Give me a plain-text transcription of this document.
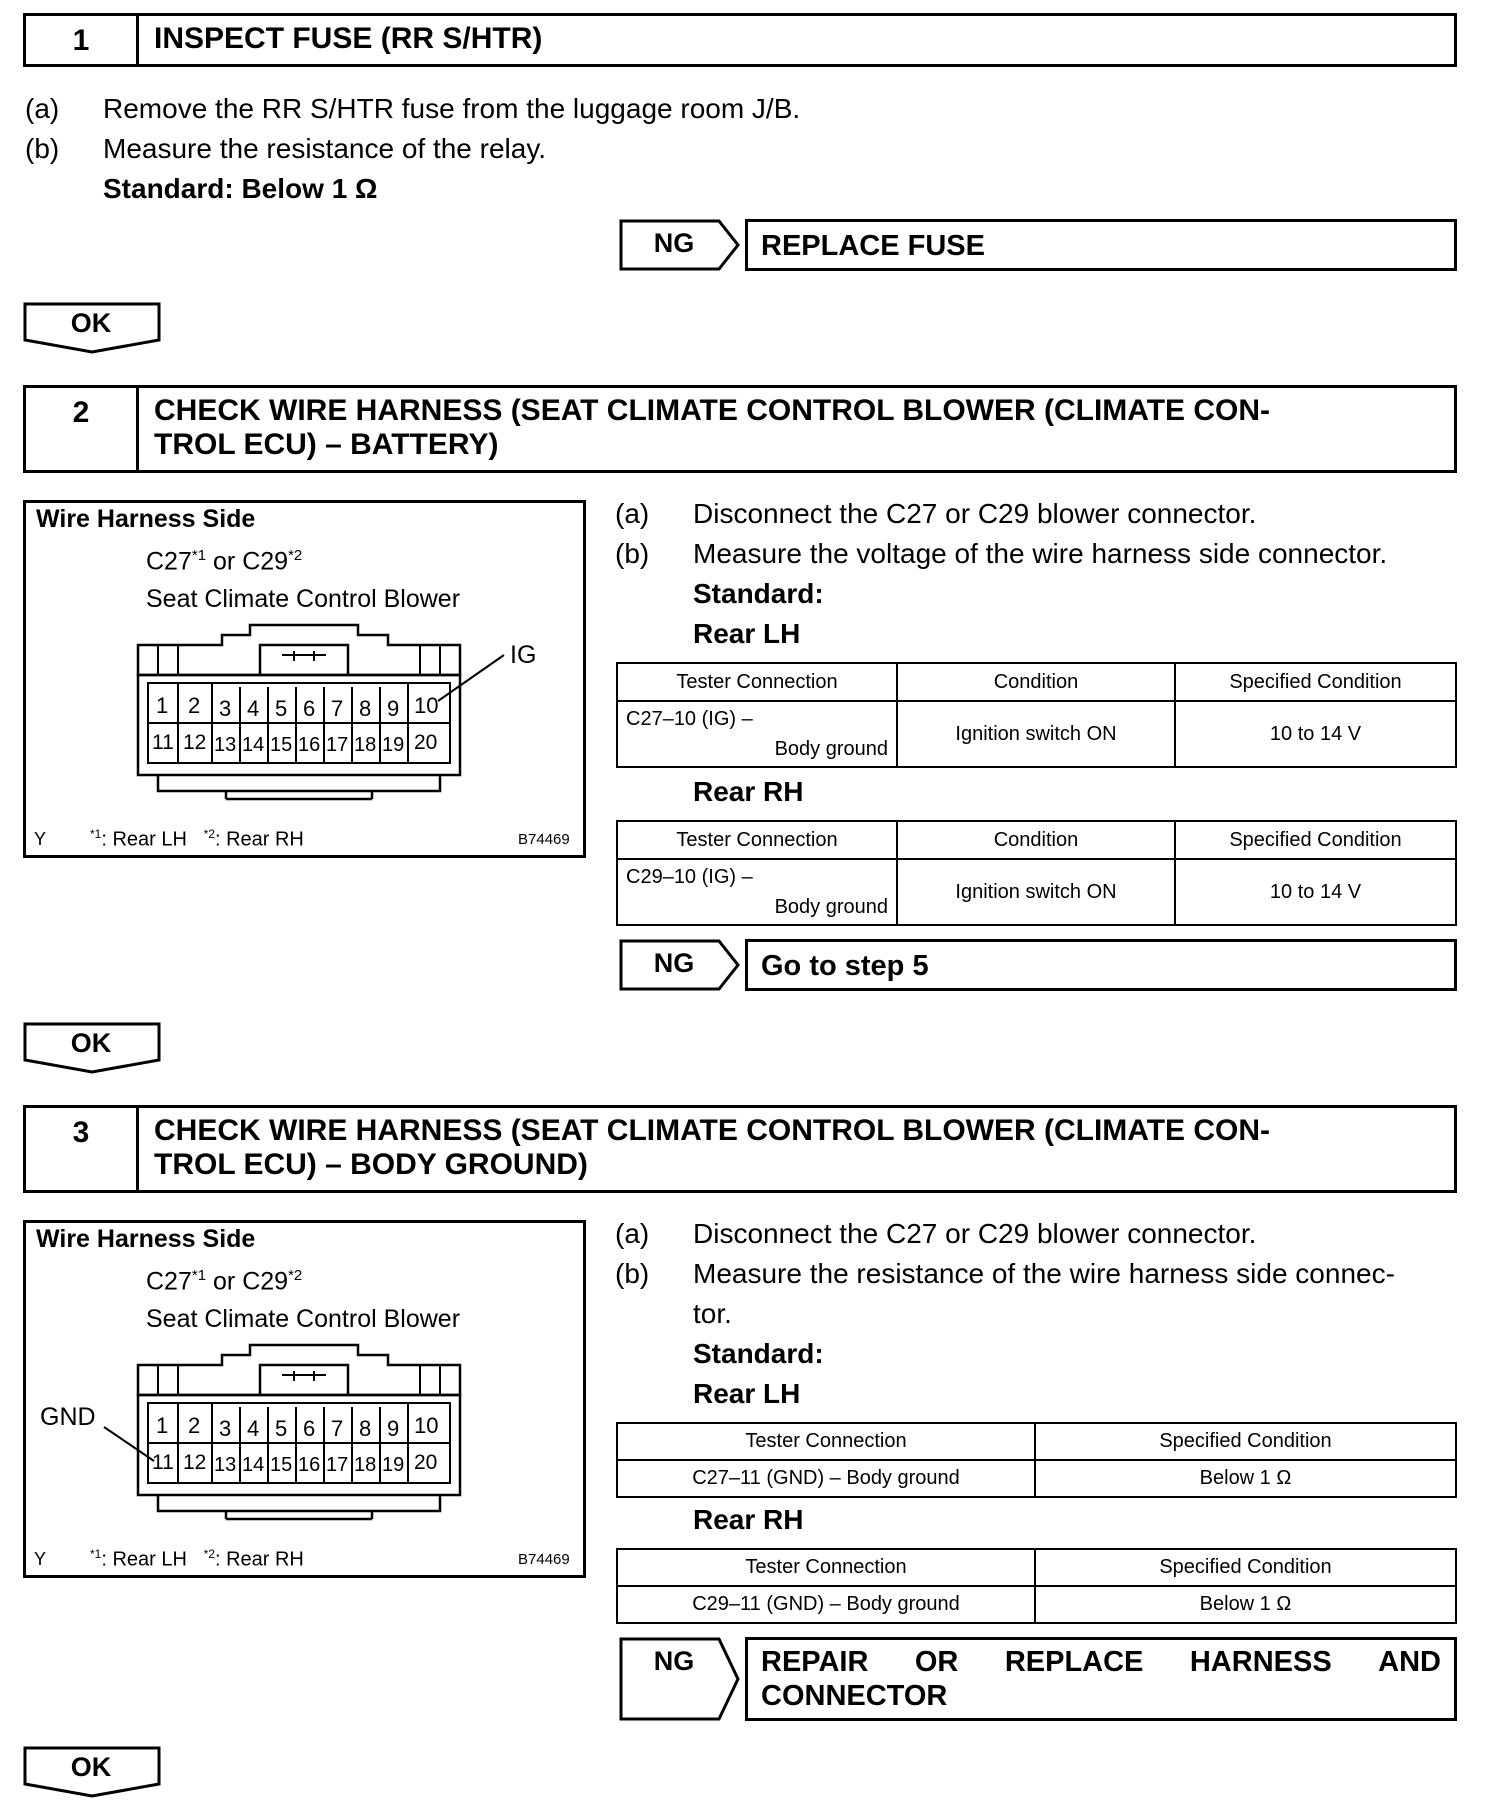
1	INSPECT FUSE (RR S/HTR)
(a) Remove the RR S/HTR fuse from the luggage room J/B.
(b) Measure the resistance of the relay.
Standard: Below 1 Ω
NG	REPLACE FUSE
OK
2	CHECK WIRE HARNESS (SEAT CLIMATE CONTROL BLOWER (CLIMATE CON-
TROL ECU) – BATTERY)
Wire Harness Side
C27$^{*1}$ or C29$^{*2}$
Seat Climate Control Blower
IG
1 2 3 4 5 6 7 8 9 10
11 12 13 14 15 16 17 18 19 20
Y	$^{*1}$: Rear LH $^{*2}$: Rear RH	B74469
(a) Disconnect the C27 or C29 blower connector.
(b) Measure the voltage of the wire harness side connector.
Standard:
Rear LH
Tester Connection	Condition	Specified Condition

C27–10 (IG) –
Body ground	Ignition switch ON	10 to 14 V
Rear RH
Tester Connection	Condition	Specified Condition

C29–10 (IG) –
Body ground	Ignition switch ON	10 to 14 V
NG	Go to step 5
OK
3	CHECK WIRE HARNESS (SEAT CLIMATE CONTROL BLOWER (CLIMATE CON-
TROL ECU) – BODY GROUND)
Wire Harness Side
C27$^{*1}$ or C29$^{*2}$
Seat Climate Control Blower
GND	1 2 3 4 5 6 7 8 9 10
11 12 13 14 15 16 17 18 19 20
Y	$^{*1}$: Rear LH $^{*2}$: Rear RH	B74469
(a) Disconnect the C27 or C29 blower connector.
(b) Measure the resistance of the wire harness side connec-
tor.
Standard:
Rear LH
Tester Connection	Specified Condition
C27–11 (GND) – Body ground	Below 1 Ω
Rear RH
Tester Connection	Specified Condition
C29–11 (GND) – Body ground	Below 1 Ω
NG	REPAIR OR REPLACE HARNESS AND
CONNECTOR
OK
